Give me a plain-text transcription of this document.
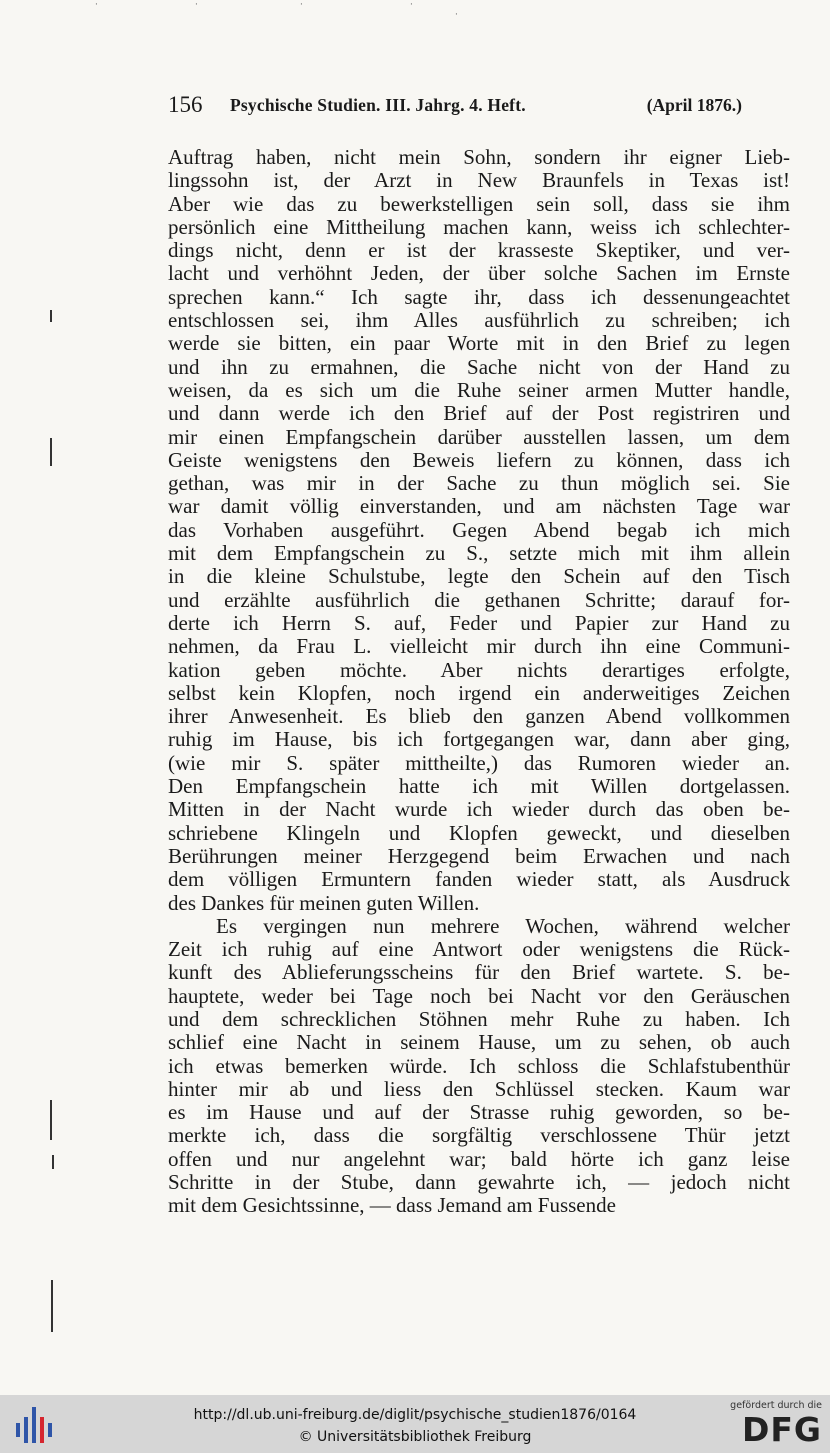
·	·	·	·
·
156 Psychische Studien. III. Jahrg. 4. Heft.	(April 1876.)
Auftrag haben, nicht mein Sohn, sondern ihr eigner Lieb-
lingssohn ist, der Arzt in New Braunfels in Texas ist!
Aber wie das zu bewerkstelligen sein soll, dass sie ihm
persönlich eine Mittheilung machen kann, weiss ich schlechter-
dings nicht, denn er ist der krasseste Skeptiker, und ver-
lacht und verhöhnt Jeden, der über solche Sachen im Ernste
sprechen kann.“ Ich sagte ihr, dass ich dessenungeachtet
entschlossen sei, ihm Alles ausführlich zu schreiben; ich
werde sie bitten, ein paar Worte mit in den Brief zu legen
und ihn zu ermahnen, die Sache nicht von der Hand zu
weisen, da es sich um die Ruhe seiner armen Mutter handle,
und dann werde ich den Brief auf der Post registriren und
mir einen Empfangschein darüber ausstellen lassen, um dem
Geiste wenigstens den Beweis liefern zu können, dass ich
gethan, was mir in der Sache zu thun möglich sei. Sie
war damit völlig einverstanden, und am nächsten Tage war
das Vorhaben ausgeführt. Gegen Abend begab ich mich
mit dem Empfangschein zu S., setzte mich mit ihm allein
in die kleine Schulstube, legte den Schein auf den Tisch
und erzählte ausführlich die gethanen Schritte; darauf for-
derte ich Herrn S. auf, Feder und Papier zur Hand zu
nehmen, da Frau L. vielleicht mir durch ihn eine Communi-
kation geben möchte. Aber nichts derartiges erfolgte,
selbst kein Klopfen, noch irgend ein anderweitiges Zeichen
ihrer Anwesenheit. Es blieb den ganzen Abend vollkommen
ruhig im Hause, bis ich fortgegangen war, dann aber ging,
(wie mir S. später mittheilte,) das Rumoren wieder an.
Den Empfangschein hatte ich mit Willen dortgelassen.
Mitten in der Nacht wurde ich wieder durch das oben be-
schriebene Klingeln und Klopfen geweckt, und dieselben
Berührungen meiner Herzgegend beim Erwachen und nach
dem völligen Ermuntern fanden wieder statt, als Ausdruck
des Dankes für meinen guten Willen.
Es vergingen nun mehrere Wochen, während welcher
Zeit ich ruhig auf eine Antwort oder wenigstens die Rück-
kunft des Ablieferungsscheins für den Brief wartete. S. be-
hauptete, weder bei Tage noch bei Nacht vor den Geräuschen
und dem schrecklichen Stöhnen mehr Ruhe zu haben. Ich
schlief eine Nacht in seinem Hause, um zu sehen, ob auch
ich etwas bemerken würde. Ich schloss die Schlafstubenthür
hinter mir ab und liess den Schlüssel stecken. Kaum war
es im Hause und auf der Strasse ruhig geworden, so be-
merkte ich, dass die sorgfältig verschlossene Thür jetzt
offen und nur angelehnt war; bald hörte ich ganz leise
Schritte in der Stube, dann gewahrte ich, — jedoch nicht
mit dem Gesichtssinne, — dass Jemand am Fussende
http://dl.ub.uni-freiburg.de/diglit/psychische_studien1876/0164
© Universitätsbibliothek Freiburg
gefördert durch die
DFG
